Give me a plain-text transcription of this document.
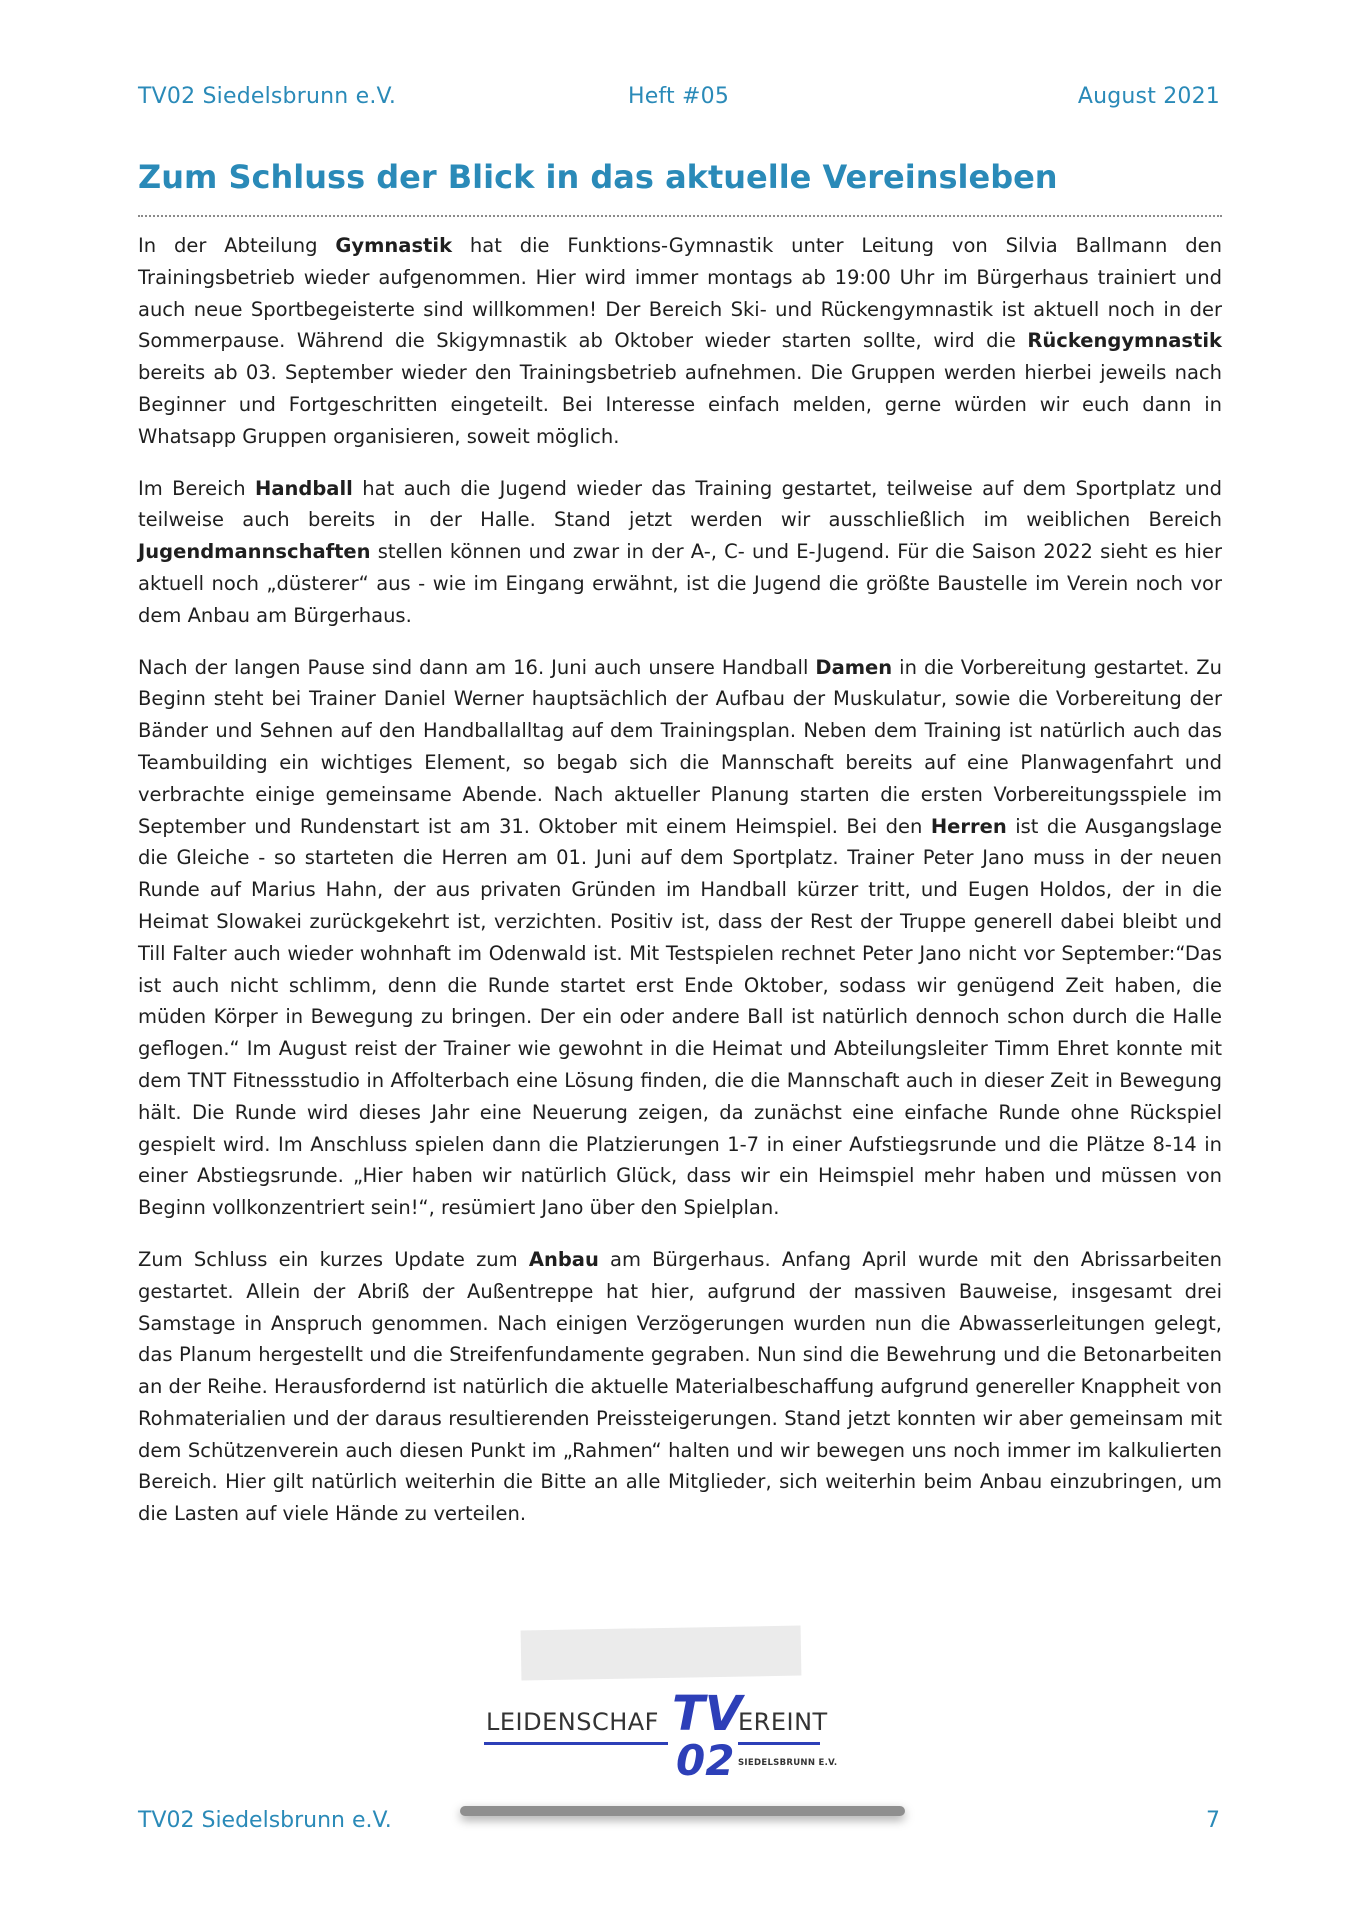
TV02 Siedelsbrunn e.V.	Heft #05	August 2021
Zum Schluss der Blick in das aktuelle Vereinsleben

In der Abteilung Gymnastik hat die Funktions-Gymnastik unter Leitung von Silvia Ballmann den Trainingsbetrieb wieder aufgenommen. Hier wird immer montags ab 19:00 Uhr im Bürgerhaus trainiert und auch neue Sportbegeisterte sind willkommen! Der Bereich Ski- und Rückengymnastik ist aktuell noch in der Sommerpause. Während die Skigymnastik ab Oktober wieder starten sollte, wird die Rückengymnastik bereits ab 03. September wieder den Trainingsbetrieb aufnehmen. Die Gruppen werden hierbei jeweils nach Beginner und Fortgeschritten eingeteilt. Bei Interesse einfach melden, gerne würden wir euch dann in Whatsapp Gruppen organisieren, soweit möglich.

Im Bereich Handball hat auch die Jugend wieder das Training gestartet, teilweise auf dem Sportplatz und teilweise auch bereits in der Halle. Stand jetzt werden wir ausschließlich im weiblichen Bereich Jugendmannschaften stellen können und zwar in der A-, C- und E-Jugend. Für die Saison 2022 sieht es hier aktuell noch „düsterer“ aus - wie im Eingang erwähnt, ist die Jugend die größte Baustelle im Verein noch vor dem Anbau am Bürgerhaus.

Nach der langen Pause sind dann am 16. Juni auch unsere Handball Damen in die Vorbereitung gestartet. Zu Beginn steht bei Trainer Daniel Werner hauptsächlich der Aufbau der Muskulatur, sowie die Vorbereitung der Bänder und Sehnen auf den Handballalltag auf dem Trainingsplan. Neben dem Training ist natürlich auch das Teambuilding ein wichtiges Element, so begab sich die Mannschaft bereits auf eine Planwagenfahrt und verbrachte einige gemeinsame Abende. Nach aktueller Planung starten die ersten Vorbereitungsspiele im September und Rundenstart ist am 31. Oktober mit einem Heimspiel. Bei den Herren ist die Ausgangslage die Gleiche - so starteten die Herren am 01. Juni auf dem Sportplatz. Trainer Peter Jano muss in der neuen Runde auf Marius Hahn, der aus privaten Gründen im Handball kürzer tritt, und Eugen Holdos, der in die Heimat Slowakei zurückgekehrt ist, verzichten. Positiv ist, dass der Rest der Truppe generell dabei bleibt und Till Falter auch wieder wohnhaft im Odenwald ist. Mit Testspielen rechnet Peter Jano nicht vor September:“Das ist auch nicht schlimm, denn die Runde startet erst Ende Oktober, sodass wir genügend Zeit haben, die müden Körper in Bewegung zu bringen. Der ein oder andere Ball ist natürlich dennoch schon durch die Halle geflogen.“ Im August reist der Trainer wie gewohnt in die Heimat und Abteilungsleiter Timm Ehret konnte mit dem TNT Fitnessstudio in Affolterbach eine Lösung finden, die die Mannschaft auch in dieser Zeit in Bewegung hält. Die Runde wird dieses Jahr eine Neuerung zeigen, da zunächst eine einfache Runde ohne Rückspiel gespielt wird. Im Anschluss spielen dann die Platzierungen 1-7 in einer Aufstiegsrunde und die Plätze 8-14 in einer Abstiegsrunde. „Hier haben wir natürlich Glück, dass wir ein Heimspiel mehr haben und müssen von Beginn vollkonzentriert sein!“, resümiert Jano über den Spielplan.

Zum Schluss ein kurzes Update zum Anbau am Bürgerhaus. Anfang April wurde mit den Abrissarbeiten gestartet. Allein der Abriß der Außentreppe hat hier, aufgrund der massiven Bauweise, insgesamt drei Samstage in Anspruch genommen. Nach einigen Verzögerungen wurden nun die Abwasserleitungen gelegt, das Planum hergestellt und die Streifenfundamente gegraben. Nun sind die Bewehrung und die Betonarbeiten an der Reihe. Herausfordernd ist natürlich die aktuelle Materialbeschaffung aufgrund genereller Knappheit von Rohmaterialien und der daraus resultierenden Preissteigerungen. Stand jetzt konnten wir aber gemeinsam mit dem Schützenverein auch diesen Punkt im „Rahmen“ halten und wir bewegen uns noch immer im kalkulierten Bereich. Hier gilt natürlich weiterhin die Bitte an alle Mitglieder, sich weiterhin beim Anbau einzubringen, um die Lasten auf viele Hände zu verteilen.

LEIDENSCHAF TV
02
EREINT
SIEDELSBRUNN E.V.
TV02 Siedelsbrunn e.V.	7
